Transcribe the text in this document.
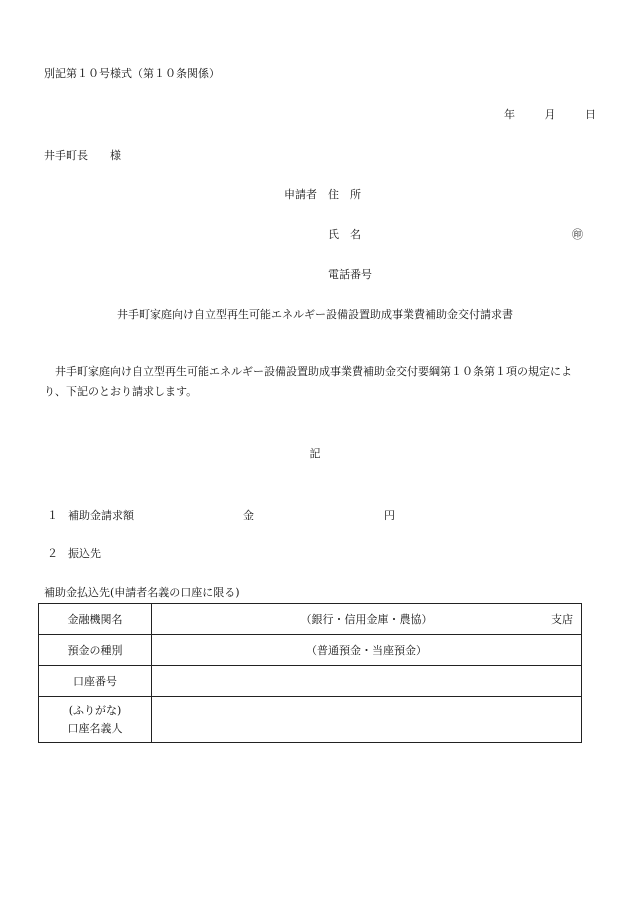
別記第１０号様式（第１０条関係）
年	月	日
井手町長　　様
申請者 住　所
氏　名	㊞
電話番号
井手町家庭向け自立型再生可能エネルギー設備設置助成事業費補助金交付請求書
　井手町家庭向け自立型再生可能エネルギー設備設置助成事業費補助金交付要綱第１０条第１項の規定により、下記のとおり請求します。
記
１ 補助金請求額	金	円
２ 振込先
補助金払込先(申請者名義の口座に限る)
金融機関名	（銀行・信用金庫・農協） 支店

預金の種別	（普通預金・当座預金）
口座番号	

(ふりがな)
口座名義人	
